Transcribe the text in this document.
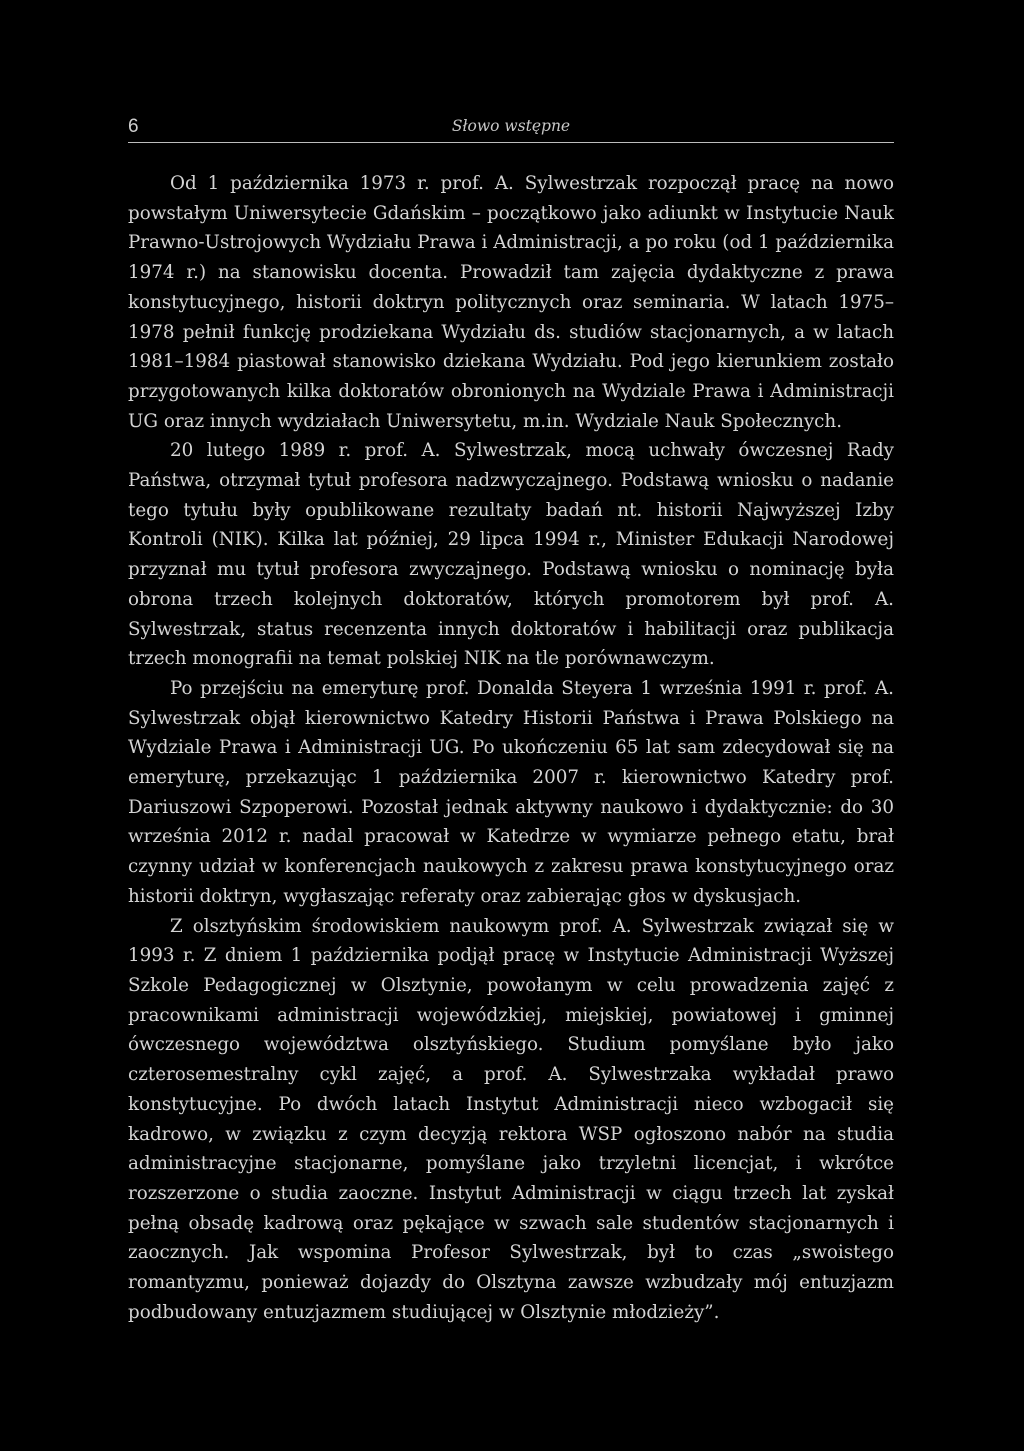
6	Słowo wstępne

Od 1 października 1973 r. prof. A. Sylwestrzak rozpoczął pracę na nowo powstałym Uniwersytecie Gdańskim – początkowo jako adiunkt w Instytucie Nauk Prawno-Ustrojowych Wydziału Prawa i Administracji, a po roku (od 1 października 1974 r.) na stanowisku docenta. Prowadził tam zajęcia dydaktyczne z prawa konstytucyjnego, historii doktryn politycznych oraz seminaria. W latach 1975–1978 pełnił funkcję prodziekana Wydziału ds. studiów stacjonarnych, a w latach 1981–1984 piastował stanowisko dziekana Wydziału. Pod jego kierunkiem zostało przygotowanych kilka doktoratów obronionych na Wydziale Prawa i Administracji UG oraz innych wydziałach Uniwersytetu, m.in. Wydziale Nauk Społecznych.

20 lutego 1989 r. prof. A. Sylwestrzak, mocą uchwały ówczesnej Rady Państwa, otrzymał tytuł profesora nadzwyczajnego. Podstawą wniosku o nadanie tego tytułu były opublikowane rezultaty badań nt. historii Najwyższej Izby Kontroli (NIK). Kilka lat później, 29 lipca 1994 r., Minister Edukacji Narodowej przyznał mu tytuł profesora zwyczajnego. Podstawą wniosku o nominację była obrona trzech kolejnych doktoratów, których promotorem był prof. A. Sylwestrzak, status recenzenta innych doktoratów i habilitacji oraz publikacja trzech monografii na temat polskiej NIK na tle porównawczym.

Po przejściu na emeryturę prof. Donalda Steyera 1 września 1991 r. prof. A. Sylwestrzak objął kierownictwo Katedry Historii Państwa i Prawa Polskiego na Wydziale Prawa i Administracji UG. Po ukończeniu 65 lat sam zdecydował się na emeryturę, przekazując 1 października 2007 r. kierownictwo Katedry prof. Dariuszowi Szpoperowi. Pozostał jednak aktywny naukowo i dydaktycznie: do 30 września 2012 r. nadal pracował w Katedrze w wymiarze pełnego etatu, brał czynny udział w konferencjach naukowych z zakresu prawa konstytucyjnego oraz historii doktryn, wygłaszając referaty oraz zabierając głos w dyskusjach.

Z olsztyńskim środowiskiem naukowym prof. A. Sylwestrzak związał się w 1993 r. Z dniem 1 października podjął pracę w Instytucie Administracji Wyższej Szkole Pedagogicznej w Olsztynie, powołanym w celu prowadzenia zajęć z pracownikami administracji wojewódzkiej, miejskiej, powiatowej i gminnej ówczesnego województwa olsztyńskiego. Studium pomyślane było jako czterosemestralny cykl zajęć, a prof. A. Sylwestrzaka wykładał prawo konstytucyjne. Po dwóch latach Instytut Administracji nieco wzbogacił się kadrowo, w związku z czym decyzją rektora WSP ogłoszono nabór na studia administracyjne stacjonarne, pomyślane jako trzyletni licencjat, i wkrótce rozszerzone o studia zaoczne. Instytut Administracji w ciągu trzech lat zyskał pełną obsadę kadrową oraz pękające w szwach sale studentów stacjonarnych i zaocznych. Jak wspomina Profesor Sylwestrzak, był to czas „swoistego romantyzmu, ponieważ dojazdy do Olsztyna zawsze wzbudzały mój entuzjazm podbudowany entuzjazmem studiującej w Olsztynie młodzieży”.
